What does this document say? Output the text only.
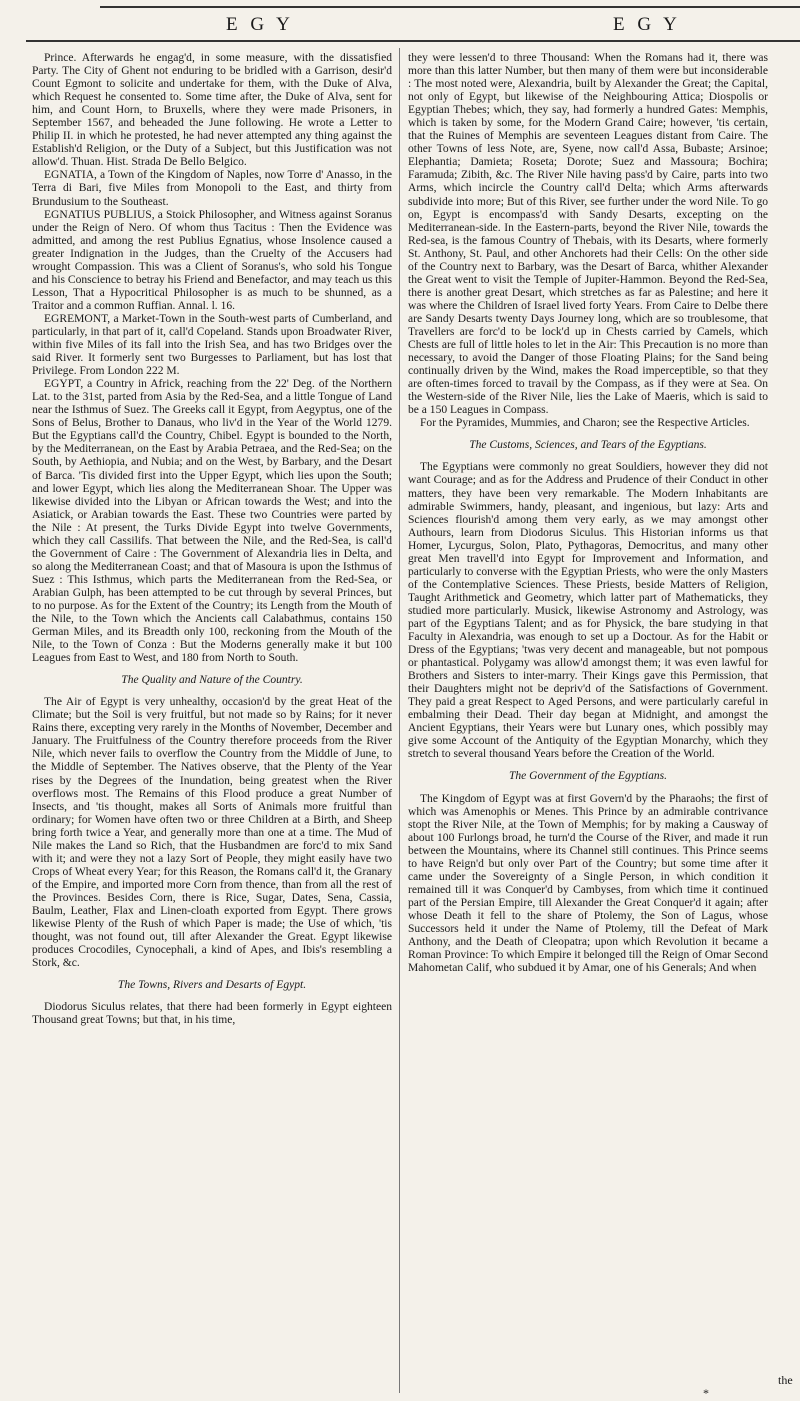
E G Y	E G Y

Prince. Afterwards he engag'd, in some measure, with the dissatisfied Party. The City of Ghent not enduring to be bridled with a Garrison, desir'd Count Egmont to solicite and undertake for them, with the Duke of Alva, which Request he consented to. Some time after, the Duke of Alva, sent for him, and Count Horn, to Bruxells, where they were made Prisoners, in September 1567, and beheaded the June following. He wrote a Letter to Philip II. in which he protested, he had never attempted any thing against the Establish'd Religion, or the Duty of a Subject, but this Justification was not allow'd. Thuan. Hist. Strada De Bello Belgico.

EGNATIA, a Town of the Kingdom of Naples, now Torre d' Anasso, in the Terra di Bari, five Miles from Monopoli to the East, and thirty from Brundusium to the Southeast.

EGNATIUS PUBLIUS, a Stoick Philosopher, and Witness against Soranus under the Reign of Nero. Of whom thus Tacitus : Then the Evidence was admitted, and among the rest Publius Egnatius, whose Insolence caused a greater Indignation in the Judges, than the Cruelty of the Accusers had wrought Compassion. This was a Client of Soranus's, who sold his Tongue and his Conscience to betray his Friend and Benefactor, and may teach us this Lesson, That a Hypocritical Philosopher is as much to be shunned, as a Traitor and a common Ruffian. Annal. l. 16.

EGREMONT, a Market-Town in the South-west parts of Cumberland, and particularly, in that part of it, call'd Copeland. Stands upon Broadwater River, within five Miles of its fall into the Irish Sea, and has two Bridges over the said River. It formerly sent two Burgesses to Parliament, but has lost that Privilege. From London 222 M.

EGYPT, a Country in Africk, reaching from the 22' Deg. of the Northern Lat. to the 31st, parted from Asia by the Red-Sea, and a little Tongue of Land near the Isthmus of Suez. The Greeks call it Egypt, from Aegyptus, one of the Sons of Belus, Brother to Danaus, who liv'd in the Year of the World 1279. But the Egyptians call'd the Country, Chibel. Egypt is bounded to the North, by the Mediterranean, on the East by Arabia Petraea, and the Red-Sea; on the South, by Aethiopia, and Nubia; and on the West, by Barbary, and the Desart of Barca. 'Tis divided first into the Upper Egypt, which lies upon the South; and lower Egypt, which lies along the Mediterranean Shoar. The Upper was likewise divided into the Libyan or African towards the West; and into the Asiatick, or Arabian towards the East. These two Countries were parted by the Nile : At present, the Turks Divide Egypt into twelve Governments, which they call Cassilifs. That between the Nile, and the Red-Sea, is call'd the Government of Caire : The Government of Alexandria lies in Delta, and so along the Mediterranean Coast; and that of Masoura is upon the Isthmus of Suez : This Isthmus, which parts the Mediterranean from the Red-Sea, or Arabian Gulph, has been attempted to be cut through by several Princes, but to no purpose. As for the Extent of the Country; its Length from the Mouth of the Nile, to the Town which the Ancients call Calabathmus, contains 150 German Miles, and its Breadth only 100, reckoning from the Mouth of the Nile, to the Town of Conza : But the Moderns generally make it but 100 Leagues from East to West, and 180 from North to South.

The Quality and Nature of the Country.

The Air of Egypt is very unhealthy, occasion'd by the great Heat of the Climate; but the Soil is very fruitful, but not made so by Rains; for it never Rains there, excepting very rarely in the Months of November, December and January. The Fruitfulness of the Country therefore proceeds from the River Nile, which never fails to overflow the Country from the Middle of June, to the Middle of September. The Natives observe, that the Plenty of the Year rises by the Degrees of the Inundation, being greatest when the River overflows most. The Remains of this Flood produce a great Number of Insects, and 'tis thought, makes all Sorts of Animals more fruitful than ordinary; for Women have often two or three Children at a Birth, and Sheep bring forth twice a Year, and generally more than one at a time. The Mud of Nile makes the Land so Rich, that the Husbandmen are forc'd to mix Sand with it; and were they not a lazy Sort of People, they might easily have two Crops of Wheat every Year; for this Reason, the Romans call'd it, the Granary of the Empire, and imported more Corn from thence, than from all the rest of the Provinces. Besides Corn, there is Rice, Sugar, Dates, Sena, Cassia, Baulm, Leather, Flax and Linen-cloath exported from Egypt. There grows likewise Plenty of the Rush of which Paper is made; the Use of which, 'tis thought, was not found out, till after Alexander the Great. Egypt likewise produces Crocodiles, Cynocephali, a kind of Apes, and Ibis's resembling a Stork, &c.

The Towns, Rivers and Desarts of Egypt.

Diodorus Siculus relates, that there had been formerly in Egypt eighteen Thousand great Towns; but that, in his time,

they were lessen'd to three Thousand: When the Romans had it, there was more than this latter Number, but then many of them were but inconsiderable : The most noted were, Alexandria, built by Alexander the Great; the Capital, not only of Egypt, but likewise of the Neighbouring Attica; Diospolis or Egyptian Thebes; which, they say, had formerly a hundred Gates: Memphis, which is taken by some, for the Modern Grand Caire; however, 'tis certain, that the Ruines of Memphis are seventeen Leagues distant from Caire. The other Towns of less Note, are, Syene, now call'd Assa, Bubaste; Arsinoe; Elephantia; Damieta; Roseta; Dorote; Suez and Massoura; Bochira; Faramuda; Zibith, &c. The River Nile having pass'd by Caire, parts into two Arms, which incircle the Country call'd Delta; which Arms afterwards subdivide into more; But of this River, see further under the word Nile. To go on, Egypt is encompass'd with Sandy Desarts, excepting on the Mediterranean-side. In the Eastern-parts, beyond the River Nile, towards the Red-sea, is the famous Country of Thebais, with its Desarts, where formerly St. Anthony, St. Paul, and other Anchorets had their Cells: On the other side of the Country next to Barbary, was the Desart of Barca, whither Alexander the Great went to visit the Temple of Jupiter-Hammon. Beyond the Red-Sea, there is another great Desart, which stretches as far as Palestine; and here it was where the Children of Israel lived forty Years. From Caire to Delbe there are Sandy Desarts twenty Days Journey long, which are so troublesome, that Travellers are forc'd to be lock'd up in Chests carried by Camels, which Chests are full of little holes to let in the Air: This Precaution is no more than necessary, to avoid the Danger of those Floating Plains; for the Sand being continually driven by the Wind, makes the Road imperceptible, so that they are often-times forced to travail by the Compass, as if they were at Sea. On the Western-side of the River Nile, lies the Lake of Maeris, which is said to be a 150 Leagues in Compass.

For the Pyramides, Mummies, and Charon; see the Respective Articles.

The Customs, Sciences, and Tears of the Egyptians.

The Egyptians were commonly no great Souldiers, however they did not want Courage; and as for the Address and Prudence of their Conduct in other matters, they have been very remarkable. The Modern Inhabitants are admirable Swimmers, handy, pleasant, and ingenious, but lazy: Arts and Sciences flourish'd among them very early, as we may amongst other Authours, learn from Diodorus Siculus. This Historian informs us that Homer, Lycurgus, Solon, Plato, Pythagoras, Democritus, and many other great Men travell'd into Egypt for Improvement and Information, and particularly to converse with the Egyptian Priests, who were the only Masters of the Contemplative Sciences. These Priests, beside Matters of Religion, Taught Arithmetick and Geometry, which latter part of Mathematicks, they studied more particularly. Musick, likewise Astronomy and Astrology, was part of the Egyptians Talent; and as for Physick, the bare studying in that Faculty in Alexandria, was enough to set up a Doctour. As for the Habit or Dress of the Egyptians; 'twas very decent and manageable, but not pompous or phantastical. Polygamy was allow'd amongst them; it was even lawful for Brothers and Sisters to inter-marry. Their Kings gave this Permission, that their Daughters might not be depriv'd of the Satisfactions of Government. They paid a great Respect to Aged Persons, and were particularly careful in embalming their Dead. Their day began at Midnight, and amongst the Ancient Egyptians, their Years were but Lunary ones, which possibly may give some Account of the Antiquity of the Egyptian Monarchy, which they stretch to several thousand Years before the Creation of the World.

The Government of the Egyptians.

The Kingdom of Egypt was at first Govern'd by the Pharaohs; the first of which was Amenophis or Menes. This Prince by an admirable contrivance stopt the River Nile, at the Town of Memphis; for by making a Causway of about 100 Furlongs broad, he turn'd the Course of the River, and made it run between the Mountains, where its Channel still continues. This Prince seems to have Reign'd but only over Part of the Country; but some time after it came under the Sovereignty of a Single Person, in which condition it remained till it was Conquer'd by Cambyses, from which time it continued part of the Persian Empire, till Alexander the Great Conquer'd it again; after whose Death it fell to the share of Ptolemy, the Son of Lagus, whose Successors held it under the Name of Ptolemy, till the Defeat of Mark Anthony, and the Death of Cleopatra; upon which Revolution it became a Roman Province: To which Empire it belonged till the Reign of Omar Second Mahometan Calif, who subdued it by Amar, one of his Generals; And when

*
the
